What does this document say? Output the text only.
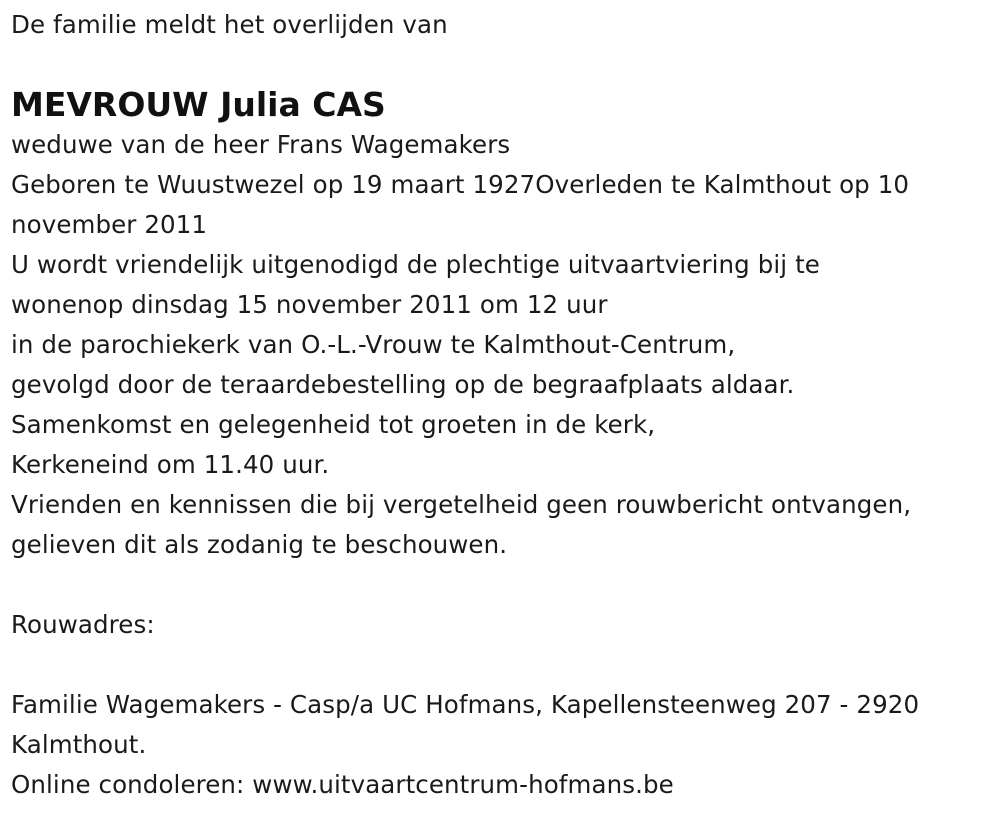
De familie meldt het overlijden van
MEVROUW Julia CAS
weduwe van de heer Frans Wagemakers
Geboren te Wuustwezel op 19 maart 1927Overleden te Kalmthout op 10
november 2011
U wordt vriendelijk uitgenodigd de plechtige uitvaartviering bij te
wonenop dinsdag 15 november 2011 om 12 uur
in de parochiekerk van O.-L.-Vrouw te Kalmthout-Centrum,
gevolgd door de teraardebestelling op de begraafplaats aldaar.
Samenkomst en gelegenheid tot groeten in de kerk,
Kerkeneind om 11.40 uur.
Vrienden en kennissen die bij vergetelheid geen rouwbericht ontvangen,
gelieven dit als zodanig te beschouwen.
Rouwadres:
Familie Wagemakers - Casp/a UC Hofmans, Kapellensteenweg 207 - 2920
Kalmthout.
Online condoleren: www.uitvaartcentrum-hofmans.be
